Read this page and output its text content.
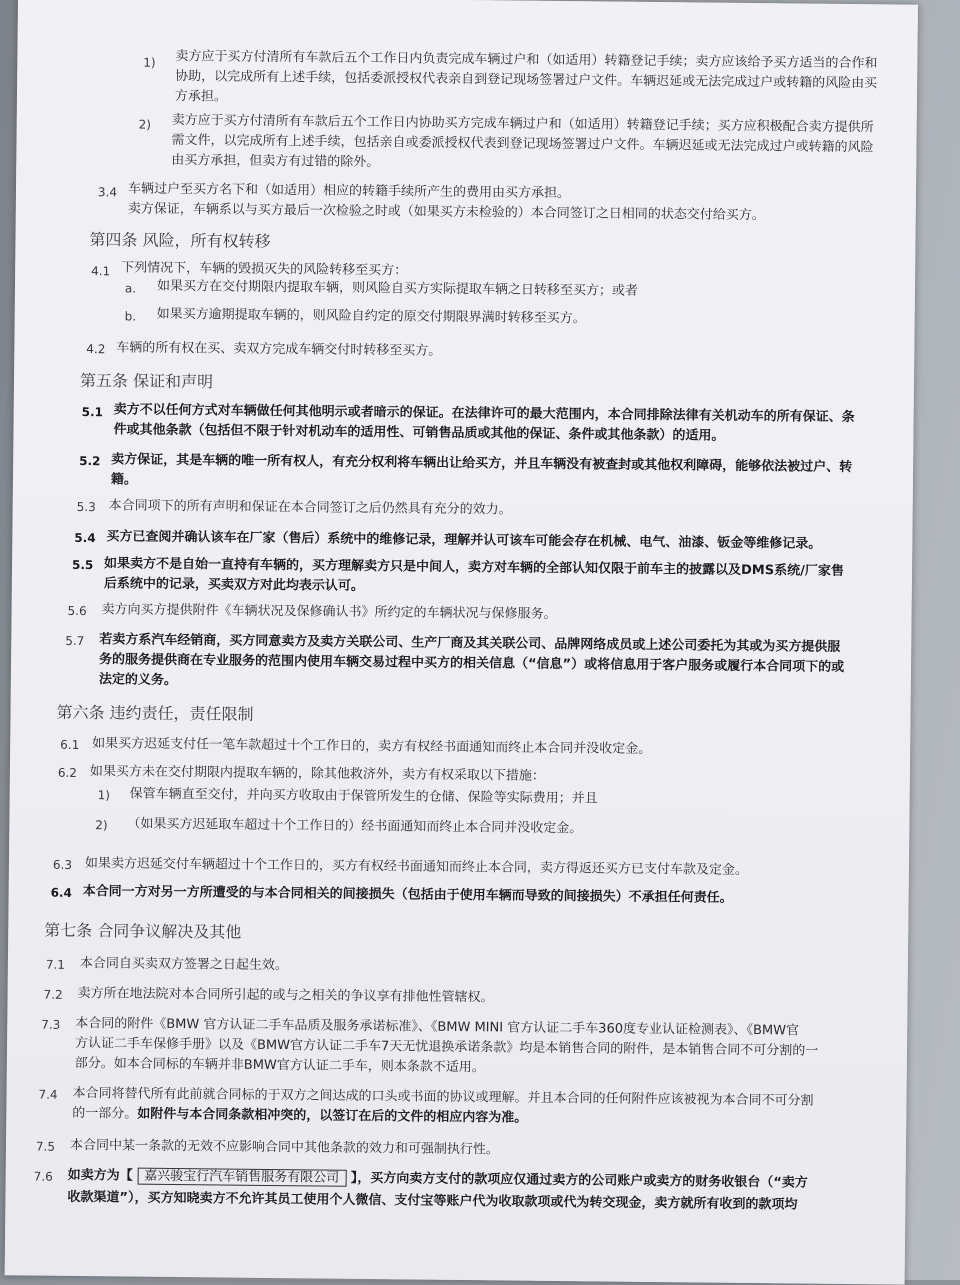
1) 卖方应于买方付清所有车款后五个工作日内负责完成车辆过户和（如适用）转籍登记手续；卖方应该给予买方适当的合作和
协助，以完成所有上述手续，包括委派授权代表亲自到登记现场签署过户文件。车辆迟延或无法完成过户或转籍的风险由买
方承担。
2) 卖方应于买方付清所有车款后五个工作日内协助买方完成车辆过户和（如适用）转籍登记手续；买方应积极配合卖方提供所
需文件，以完成所有上述手续，包括亲自或委派授权代表到登记现场签署过户文件。车辆迟延或无法完成过户或转籍的风险
由买方承担，但卖方有过错的除外。
3.4 车辆过户至买方名下和（如适用）相应的转籍手续所产生的费用由买方承担。
卖方保证，车辆系以与买方最后一次检验之时或（如果买方未检验的）本合同签订之日相同的状态交付给买方。
第四条 风险，所有权转移
4.1 下列情况下，车辆的毁损灭失的风险转移至买方：
a. 如果买方在交付期限内提取车辆，则风险自买方实际提取车辆之日转移至买方；或者
b. 如果买方逾期提取车辆的，则风险自约定的原交付期限界满时转移至买方。
4.2 车辆的所有权在买、卖双方完成车辆交付时转移至买方。
第五条 保证和声明
5.1 卖方不以任何方式对车辆做任何其他明示或者暗示的保证。在法律许可的最大范围内，本合同排除法律有关机动车的所有保证、条
件或其他条款（包括但不限于针对机动车的适用性、可销售品质或其他的保证、条件或其他条款）的适用。
5.2 卖方保证，其是车辆的唯一所有权人，有充分权利将车辆出让给买方，并且车辆没有被查封或其他权利障碍，能够依法被过户、转
籍。
5.3 本合同项下的所有声明和保证在本合同签订之后仍然具有充分的效力。
5.4 买方已查阅并确认该车在厂家（售后）系统中的维修记录，理解并认可该车可能会存在机械、电气、油漆、钣金等维修记录。
5.5 如果卖方不是自始一直持有车辆的，买方理解卖方只是中间人，卖方对车辆的全部认知仅限于前车主的披露以及DMS系统/厂家售
后系统中的记录，买卖双方对此均表示认可。
5.6 卖方向买方提供附件《车辆状况及保修确认书》所约定的车辆状况与保修服务。
5.7 若卖方系汽车经销商，买方同意卖方及卖方关联公司、生产厂商及其关联公司、品牌网络成员或上述公司委托为其或为买方提供服
务的服务提供商在专业服务的范围内使用车辆交易过程中买方的相关信息（“信息”）或将信息用于客户服务或履行本合同项下的或
法定的义务。
第六条 违约责任，责任限制
6.1 如果买方迟延支付任一笔车款超过十个工作日的，卖方有权经书面通知而终止本合同并没收定金。
6.2 如果买方未在交付期限内提取车辆的，除其他救济外，卖方有权采取以下措施：
1) 保管车辆直至交付，并向买方收取由于保管所发生的仓储、保险等实际费用；并且
2) （如果买方迟延取车超过十个工作日的）经书面通知而终止本合同并没收定金。
6.3 如果卖方迟延交付车辆超过十个工作日的，买方有权经书面通知而终止本合同，卖方得返还买方已支付车款及定金。
6.4 本合同一方对另一方所遭受的与本合同相关的间接损失（包括由于使用车辆而导致的间接损失）不承担任何责任。
第七条 合同争议解决及其他
7.1 本合同自买卖双方签署之日起生效。
7.2 卖方所在地法院对本合同所引起的或与之相关的争议享有排他性管辖权。
7.3 本合同的附件《BMW 官方认证二手车品质及服务承诺标准》、《BMW MINI 官方认证二手车360度专业认证检测表》、《BMW官
方认证二手车保修手册》以及《BMW官方认证二手车7天无忧退换承诺条款》均是本销售合同的附件，是本销售合同不可分割的一
部分。如本合同标的车辆并非BMW官方认证二手车，则本条款不适用。
7.4 本合同将替代所有此前就合同标的于双方之间达成的口头或书面的协议或理解。并且本合同的任何附件应该被视为本合同不可分割
的一部分。如附件与本合同条款相冲突的，以签订在后的文件的相应内容为准。
7.5 本合同中某一条款的无效不应影响合同中其他条款的效力和可强制执行性。
7.6 如卖方为【 嘉兴骏宝行汽车销售服务有限公司 】，买方向卖方支付的款项应仅通过卖方的公司账户或卖方的财务收银台（“卖方
收款渠道”），买方知晓卖方不允许其员工使用个人微信、支付宝等账户代为收取款项或代为转交现金，卖方就所有收到的款项均
